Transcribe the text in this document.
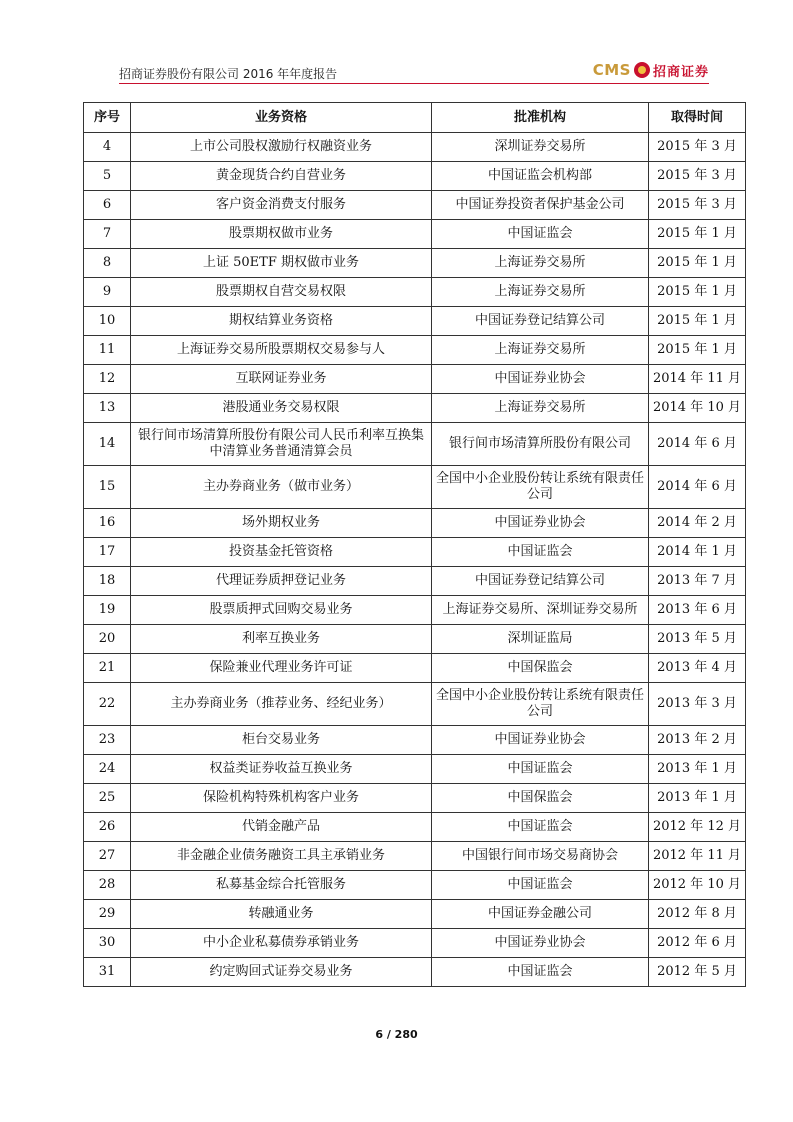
招商证券股份有限公司 2016 年年度报告	CMS 招商证券
序号	业务资格	批准机构	取得时间
4	上市公司股权激励行权融资业务	深圳证券交易所	2015 年 3 月
5	黄金现货合约自营业务	中国证监会机构部	2015 年 3 月
6	客户资金消费支付服务	中国证券投资者保护基金公司	2015 年 3 月
7	股票期权做市业务	中国证监会	2015 年 1 月
8	上证 50ETF 期权做市业务	上海证券交易所	2015 年 1 月
9	股票期权自营交易权限	上海证券交易所	2015 年 1 月
10	期权结算业务资格	中国证券登记结算公司	2015 年 1 月
11	上海证券交易所股票期权交易参与人	上海证券交易所	2015 年 1 月
12	互联网证券业务	中国证券业协会	2014 年 11 月
13	港股通业务交易权限	上海证券交易所	2014 年 10 月
14	银行间市场清算所股份有限公司人民币利率互换集中清算业务普通清算会员	银行间市场清算所股份有限公司	2014 年 6 月
15	主办券商业务（做市业务）	全国中小企业股份转让系统有限责任公司	2014 年 6 月
16	场外期权业务	中国证券业协会	2014 年 2 月
17	投资基金托管资格	中国证监会	2014 年 1 月
18	代理证券质押登记业务	中国证券登记结算公司	2013 年 7 月
19	股票质押式回购交易业务	上海证券交易所、深圳证券交易所	2013 年 6 月
20	利率互换业务	深圳证监局	2013 年 5 月
21	保险兼业代理业务许可证	中国保监会	2013 年 4 月
22	主办券商业务（推荐业务、经纪业务）	全国中小企业股份转让系统有限责任公司	2013 年 3 月
23	柜台交易业务	中国证券业协会	2013 年 2 月
24	权益类证券收益互换业务	中国证监会	2013 年 1 月
25	保险机构特殊机构客户业务	中国保监会	2013 年 1 月
26	代销金融产品	中国证监会	2012 年 12 月
27	非金融企业债务融资工具主承销业务	中国银行间市场交易商协会	2012 年 11 月
28	私募基金综合托管服务	中国证监会	2012 年 10 月
29	转融通业务	中国证券金融公司	2012 年 8 月
30	中小企业私募债券承销业务	中国证券业协会	2012 年 6 月
31	约定购回式证券交易业务	中国证监会	2012 年 5 月
6 / 280
